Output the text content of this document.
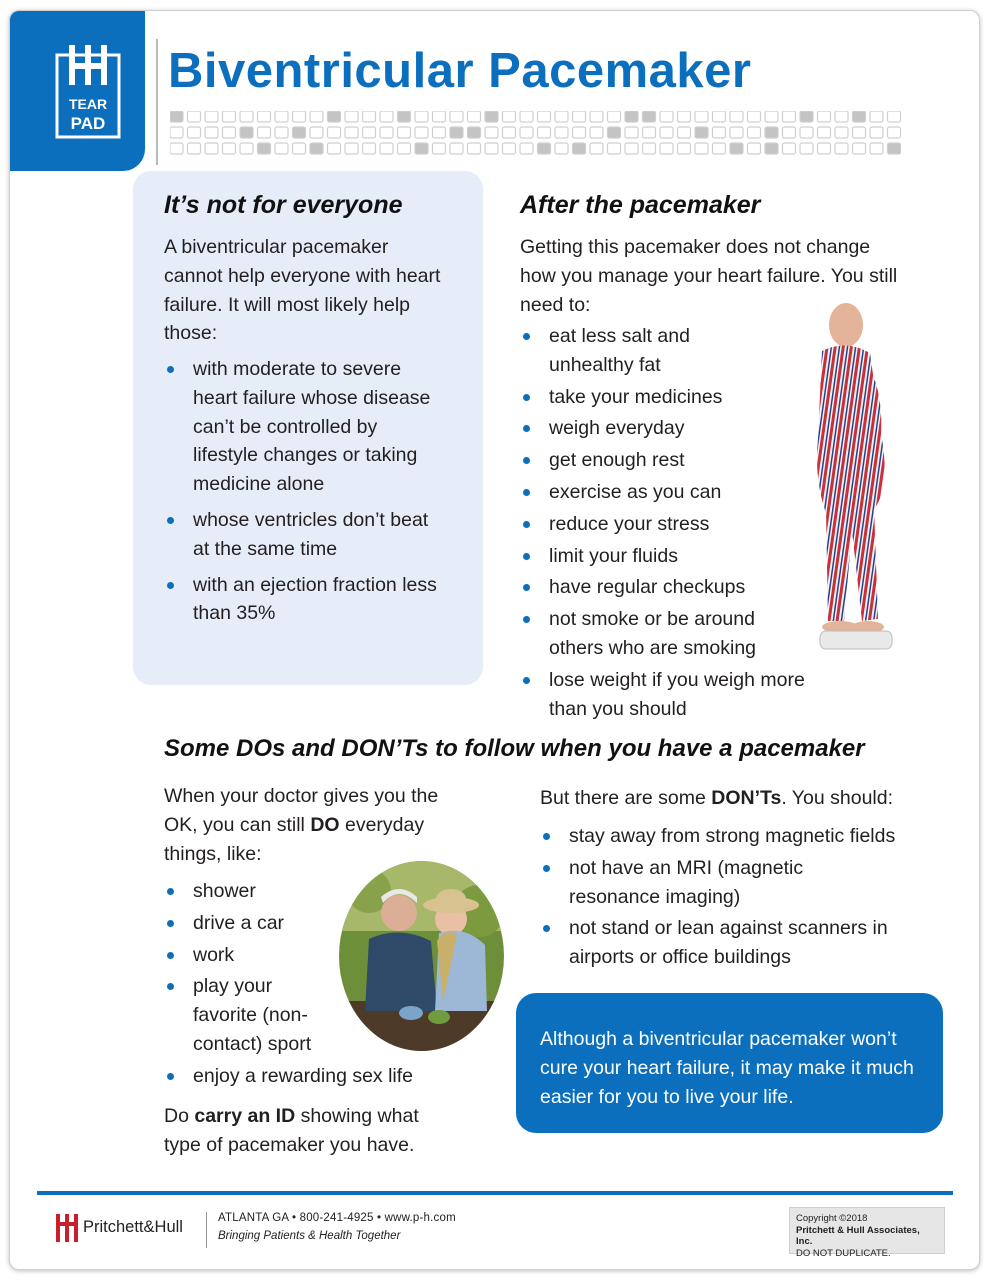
TEAR
PAD
Biventricular Pacemaker
It’s not for everyone
A biventricular pacemaker cannot help everyone with heart failure. It will most likely help those:
with moderate to severe heart failure whose disease can’t be controlled by lifestyle changes or taking medicine alone
whose ventricles don’t beat at the same time
with an ejection fraction less than 35%
After the pacemaker
Getting this pacemaker does not change how you manage your heart failure. You still need to:
eat less salt and unhealthy fat
take your medicines
weigh everyday
get enough rest
exercise as you can
reduce your stress
limit your fluids
have regular checkups
not smoke or be around others who are smoking
lose weight if you weigh more than you should
Some DOs and DON’Ts to follow when you have a pacemaker
When your doctor gives you the OK, you can still DO everyday things, like:
shower
drive a car
work
play your favorite (non-contact) sport
enjoy a rewarding sex life
Do carry an ID showing what type of pacemaker you have.
But there are some DON’Ts. You should:
stay away from strong magnetic fields
not have an MRI (magnetic resonance imaging)
not stand or lean against scanners in airports or office buildings
Although a biventricular pacemaker won’t cure your heart failure, it may make it much easier for you to live your life.
Pritchett&Hull	ATLANTA GA • 800-241-4925 • www.p-h.com
Bringing Patients & Health Together
Copyright ©2018
Pritchett & Hull Associates, Inc.
DO NOT DUPLICATE.
